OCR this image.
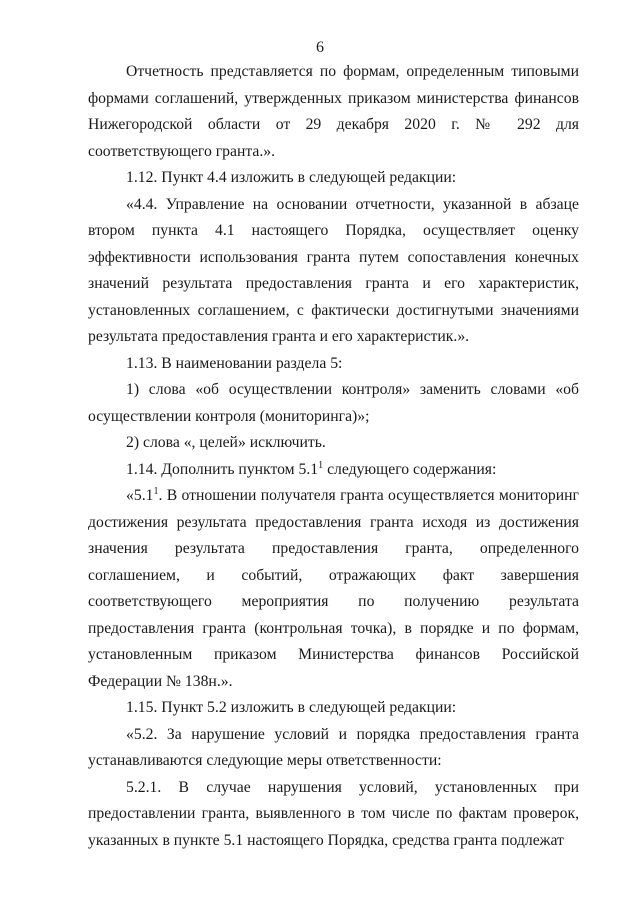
6

Отчетность представляется по формам, определенным типовыми формами соглашений, утвержденных приказом министерства финансов Нижегородской области от 29 декабря 2020 г. № 292 для соответствующего гранта.».

1.12. Пункт 4.4 изложить в следующей редакции:

«4.4. Управление на основании отчетности, указанной в абзаце втором пункта 4.1 настоящего Порядка, осуществляет оценку эффективности использования гранта путем сопоставления конечных значений результата предоставления гранта и его характеристик, установленных соглашением, с фактически достигнутыми значениями результата предоставления гранта и его характеристик.».

1.13. В наименовании раздела 5:

1) слова «об осуществлении контроля» заменить словами «об осуществлении контроля (мониторинга)»;

2) слова «, целей» исключить.

1.14. Дополнить пунктом $5.1^1$ следующего содержания:

«$5.1^1$. В отношении получателя гранта осуществляется мониторинг достижения результата предоставления гранта исходя из достижения значения результата предоставления гранта, определенного соглашением, и событий, отражающих факт завершения соответствующего мероприятия по получению результата предоставления гранта (контрольная точка), в порядке и по формам, установленным приказом Министерства финансов Российской Федерации № 138н.».

1.15. Пункт 5.2 изложить в следующей редакции:

«5.2. За нарушение условий и порядка предоставления гранта устанавливаются следующие меры ответственности:

5.2.1. В случае нарушения условий, установленных при предоставлении гранта, выявленного в том числе по фактам проверок, указанных в пункте 5.1 настоящего Порядка, средства гранта подлежат
